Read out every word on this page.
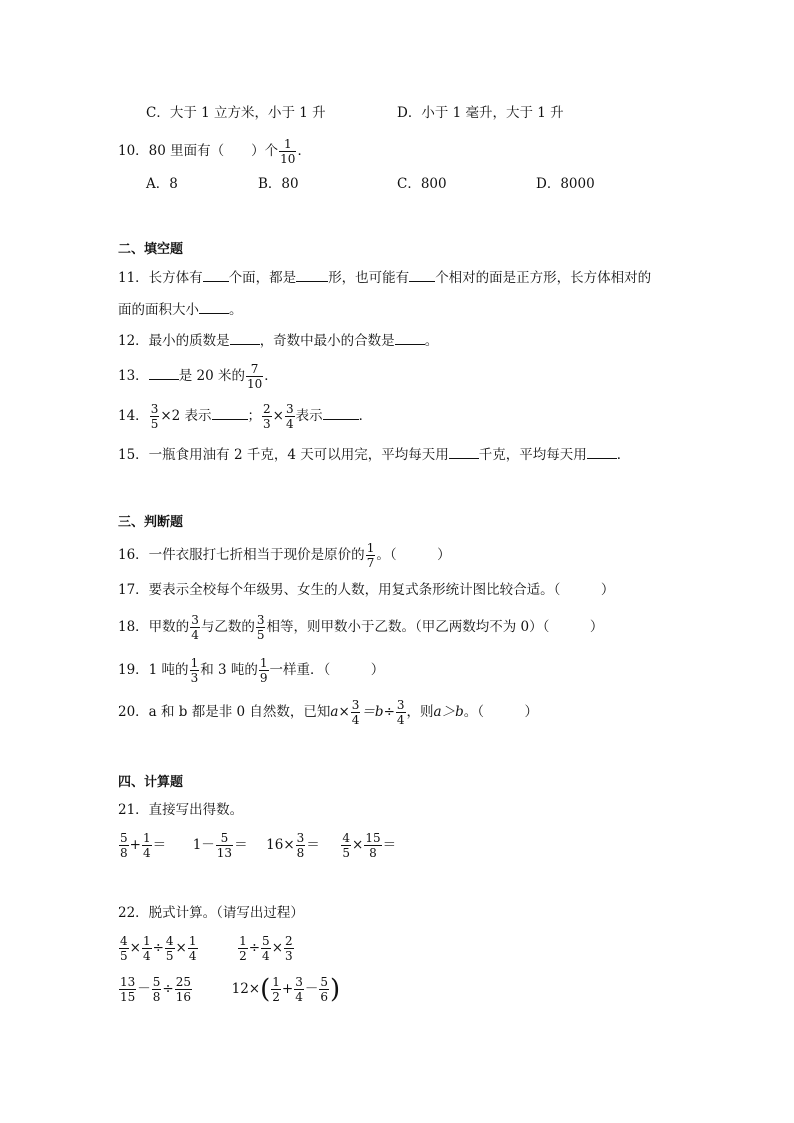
C．大于 1 立方米，小于 1 升	D．小于 1 毫升，大于 1 升
10．80 里面有（　　）个 $\frac{1}{10}$ ．
A．8	B．80	C．800	D．8000
二、填空题
11．长方体有 个面，都是 形，也可能有 个相对的面是正方形，长方体相对的
面的面积大小 。
12．最小的质数是 ，奇数中最小的合数是 。
13． 是 20 米的 $\frac{7}{10}$ ．
14． $\frac{3}{5} \times 2$ 表示	； $\frac{2}{3} \times \frac{3}{4}$ 表示	．
15．一瓶食用油有 2 千克，4 天可以用完，平均每天用 千克，平均每天用 ．
三、判断题
16．一件衣服打七折相当于现价是原价的 $\frac{1}{7}$ 。（　　　）
17．要表示全校每个年级男、女生的人数，用复式条形统计图比较合适。（　　　）
18．甲数的 $\frac{3}{4}$ 与乙数的 $\frac{3}{5}$ 相等，则甲数小于乙数。（甲乙两数均不为 0）（　　　）
19．1 吨的 $\frac{1}{3}$ 和 3 吨的 $\frac{1}{9}$ 一样重．（　　　）
20．a 和 b 都是非 0 自然数，已知$a\times \frac{3}{4} =b\div \frac{3}{4}$ ，则a＞b。（　　　）
四、计算题
21．直接写出得数。
$\frac{5}{8} + \frac{1}{4} = 1- \frac{5}{13} = 16\times \frac{3}{8} = \frac{4}{5} \times \frac{15}{8}$ ＝
22．脱式计算。（请写出过程）
$\frac{4}{5} \times \frac{1}{4} \div \frac{4}{5} \times \frac{1}{4}$
	$\frac{1}{2} \div \frac{5}{4} \times \frac{2}{3}$
$\frac{13}{15} - \frac{5}{8} \div \frac{25}{16}$	$12\times( \frac{1}{2} + \frac{3}{4} - \frac{5}{6}$ )
